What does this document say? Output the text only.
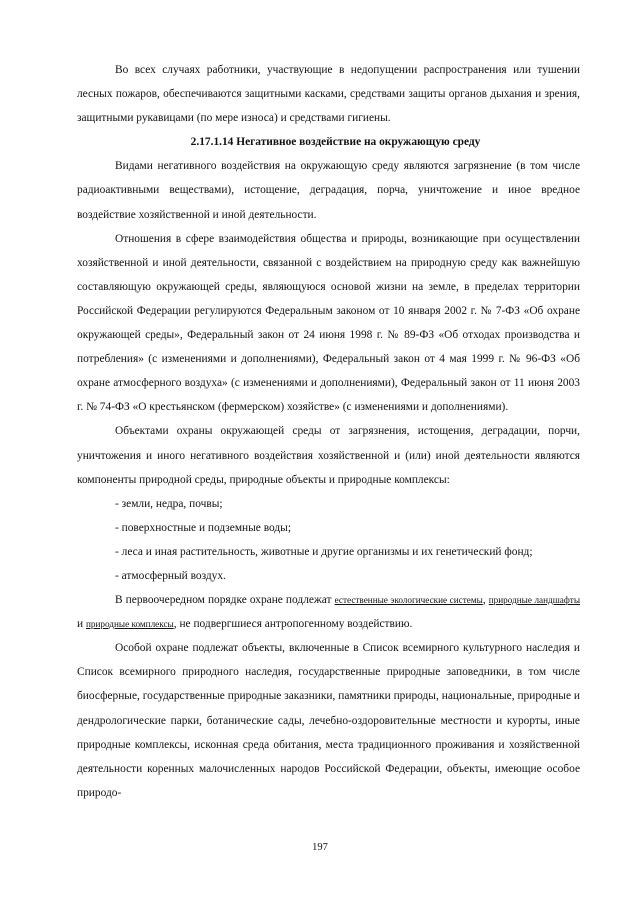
Во всех случаях работники, участвующие в недопущении распространения или тушении лесных пожаров, обеспечиваются защитными касками, средствами защиты органов дыхания и зрения, защитными рукавицами (по мере износа) и средствами гигиены.

2.17.1.14 Негативное воздействие на окружающую среду

Видами негативного воздействия на окружающую среду являются загрязнение (в том числе радиоактивными веществами), истощение, деградация, порча, уничтожение и иное вредное воздействие хозяйственной и иной деятельности.

Отношения в сфере взаимодействия общества и природы, возникающие при осуществлении хозяйственной и иной деятельности, связанной с воздействием на природную среду как важнейшую составляющую окружающей среды, являющуюся основой жизни на земле, в пределах территории Российской Федерации регулируются Федеральным законом от 10 января 2002 г. № 7-ФЗ «Об охране окружающей среды», Федеральный закон от 24 июня 1998 г. № 89-ФЗ «Об отходах производства и потребления» (с изменениями и дополнениями), Федеральный закон от 4 мая 1999 г. № 96-ФЗ «Об охране атмосферного воздуха» (с изменениями и дополнениями), Федеральный закон от 11 июня 2003 г. № 74-ФЗ «О крестьянском (фермерском) хозяйстве» (с изменениями и дополнениями).

Объектами охраны окружающей среды от загрязнения, истощения, деградации, порчи, уничтожения и иного негативного воздействия хозяйственной и (или) иной деятельности являются компоненты природной среды, природные объекты и природные комплексы:

- земли, недра, почвы;

- поверхностные и подземные воды;

- леса и иная растительность, животные и другие организмы и их генетический фонд;

- атмосферный воздух.

В первоочередном порядке охране подлежат естественные экологические системы, природные ландшафты и природные комплексы, не подвергшиеся антропогенному воздействию.

Особой охране подлежат объекты, включенные в Список всемирного культурного наследия и Список всемирного природного наследия, государственные природные заповедники, в том числе биосферные, государственные природные заказники, памятники природы, национальные, природные и дендрологические парки, ботанические сады, лечебно-оздоровительные местности и курорты, иные природные комплексы, исконная среда обитания, места традиционного проживания и хозяйственной деятельности коренных малочисленных народов Российской Федерации, объекты, имеющие особое природо-

197
